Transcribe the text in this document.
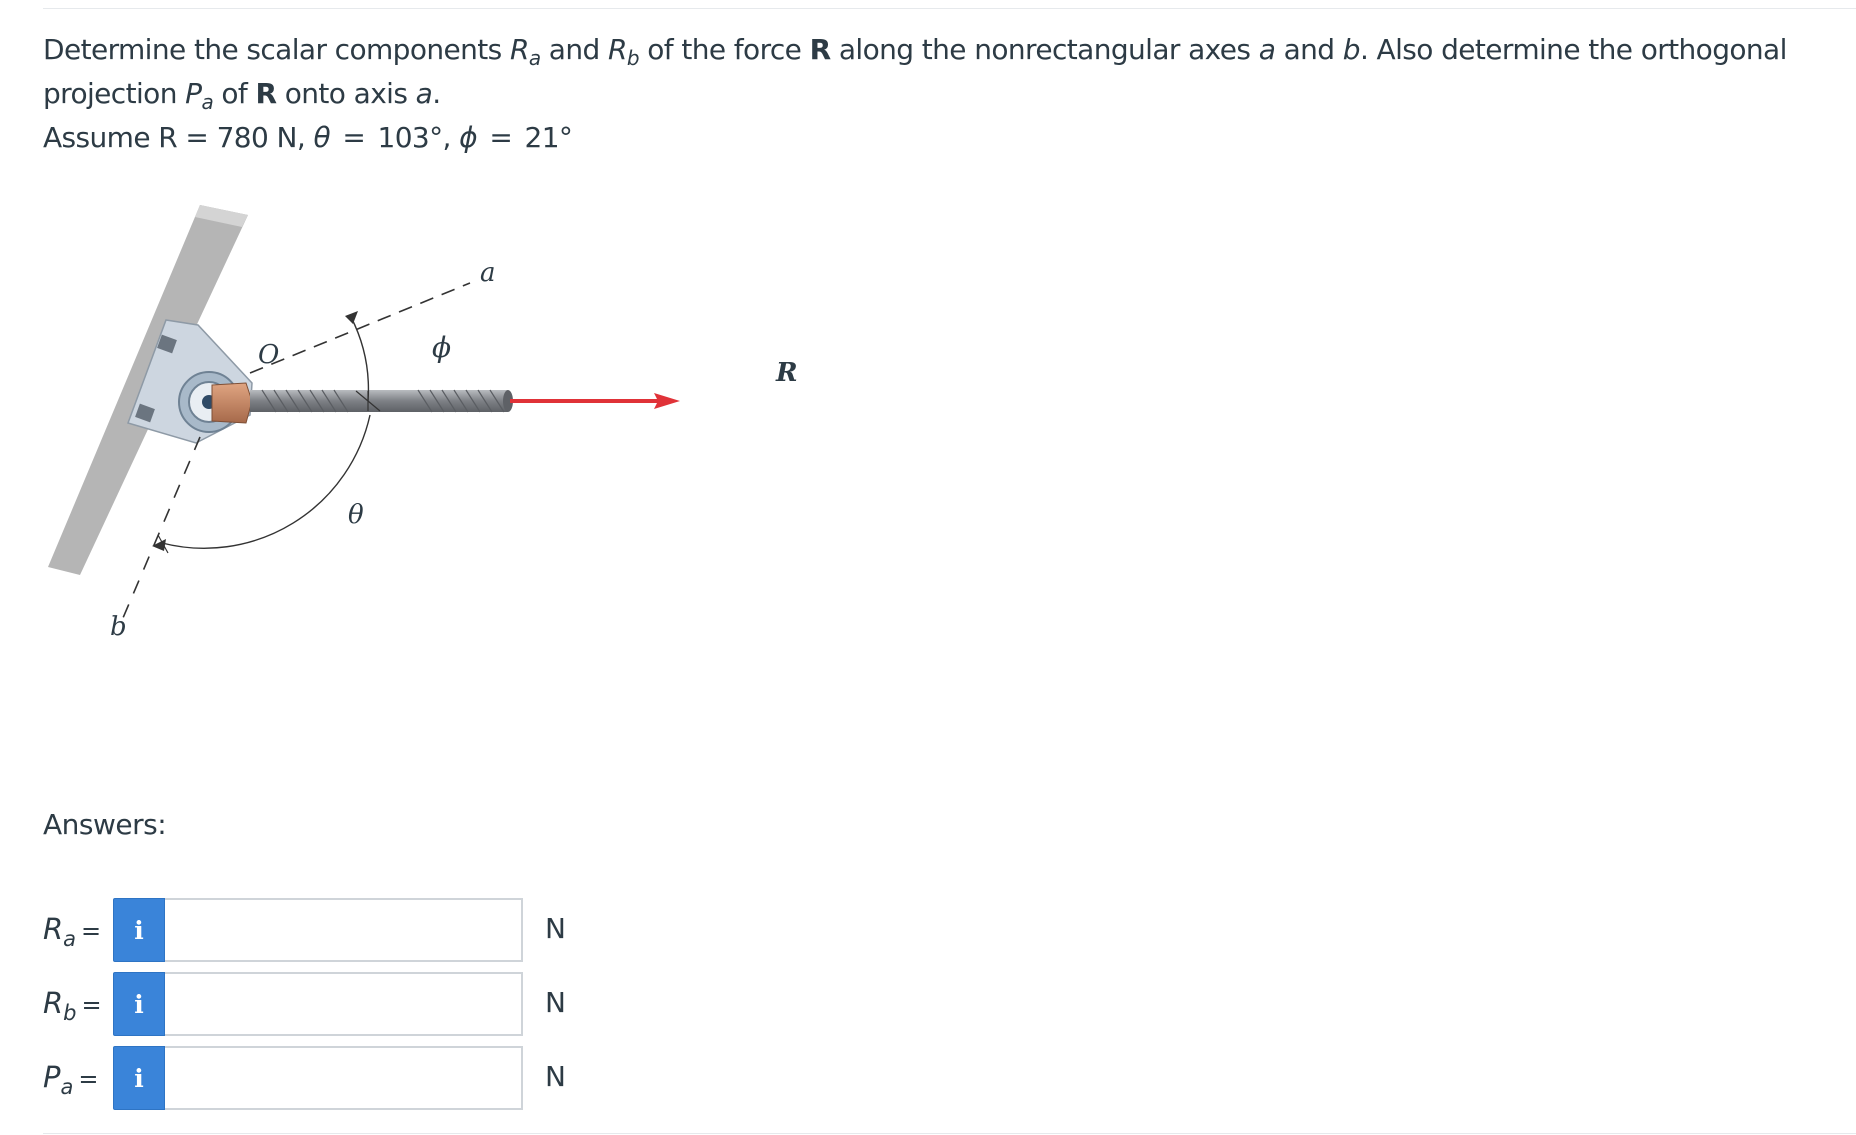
Determine the scalar components $R_a$ and $R_b$ of the force R along the nonrectangular axes a and b. Also determine the orthogonal
projection $P_a$ of R onto axis a.
Assume R = 780 N, θ = 103°, ϕ = 21°
a
b
O	ϕ
θ
R
Answers:
$R_a$ =	i	N
$R_b$ =	i	N
$P_a$ =	i	N
